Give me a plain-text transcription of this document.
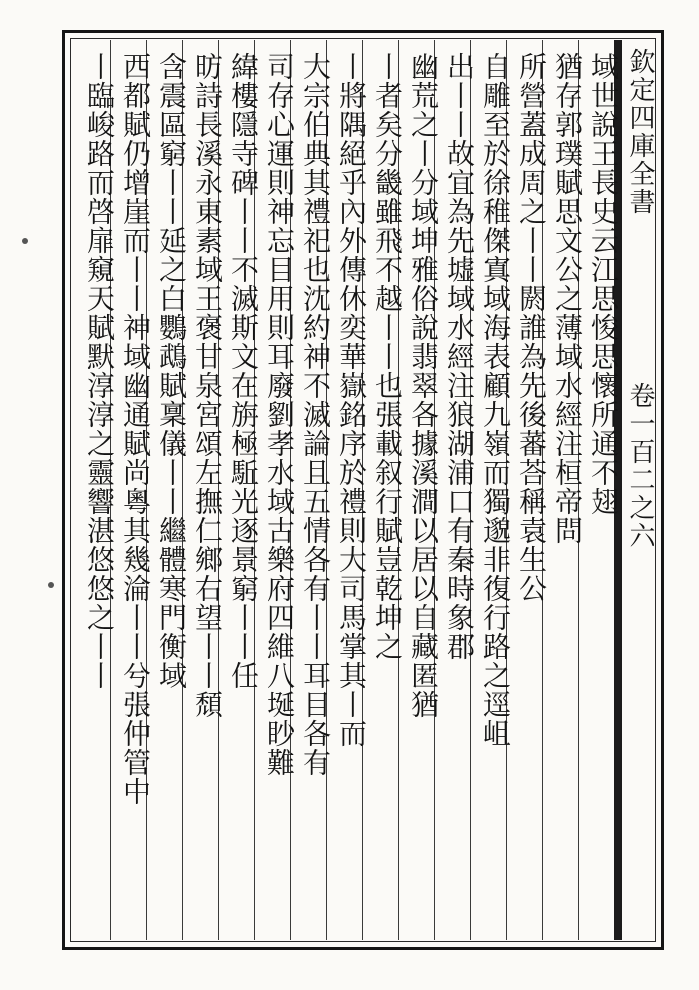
域世說王長史云江思悛思懷所通不翅
猶存郭璞賦思文公之薄域水經注桓帝問
所營蓋成周之丨丨閼誰為先後蕃荅稱袁生公
自雕至於徐稚傑寘域海表顧九嶺而獨邈非復行路之逕岨
出丨丨故宜為先墟域水經注狼湖浦口有秦時象郡
幽荒之丨分域坤雅俗說翡翠各據溪澗以居以自藏匿猶
丨者矣分畿雖飛不越丨丨也張載叙行賦豈乾坤之
丨將隅絕乎內外傳休奕華嶽銘序於禮則大司馬掌其丨而
大宗伯典其禮祀也沈約神不滅論且五情各有丨丨耳目各有
司存心運則神忘目用則耳廢劉孝水域古樂府四維八埏眇難
緯樓隱寺碑丨丨不滅斯文在旃極駈光逐景窮丨丨任
昉詩長溪永東素域王褒甘泉宮頌左撫仁鄉右望丨丨頹
含震區窮丨丨延之白鸚鵡賦稟儀丨丨繼體寒門衡域
西都賦仍增崖而丨丨神域幽通賦尚粵其幾淪丨丨兮張仲管中
丨臨峻路而啓扉窺天賦默淳淳之靈響湛悠悠之丨丨	欽定四庫全書
卷一百二之六
